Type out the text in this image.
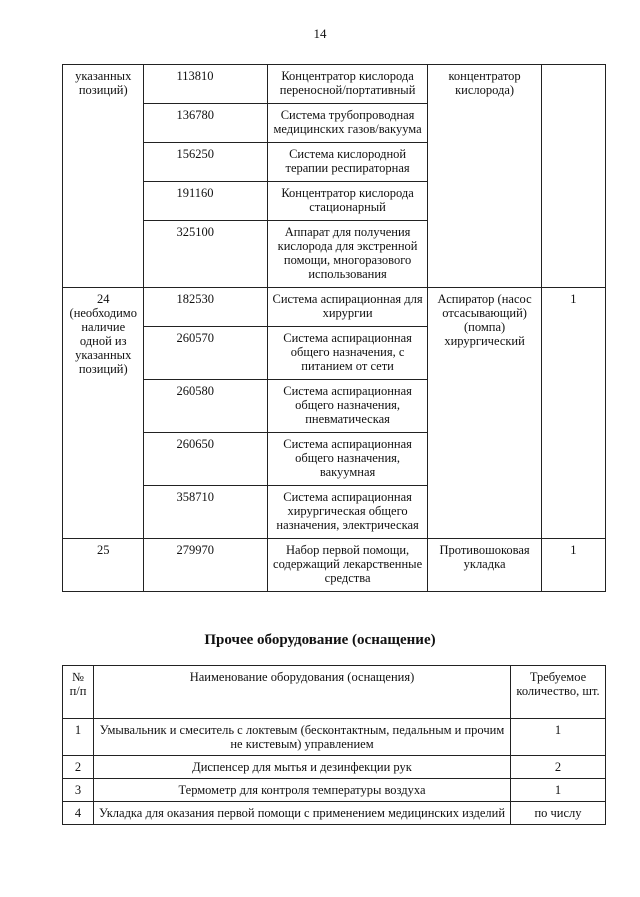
14
указанных позиций)	113810	Концентратор кислорода переносной/портативный	концентратор кислорода)	
	136780	Система трубопроводная медицинских газов/вакуума		
	156250	Система кислородной терапии респираторная		
	191160	Концентратор кислорода стационарный		
	325100	Аппарат для получения кислорода для экстренной помощи, многоразового использования		
24 (необходимо наличие одной из указанных позиций)	182530	Система аспирационная для хирургии	Аспиратор (насос отсасывающий) (помпа) хирургический	1
	260570	Система аспирационная общего назначения, с питанием от сети		
	260580	Система аспирационная общего назначения, пневматическая		
	260650	Система аспирационная общего назначения, вакуумная		
	358710	Система аспирационная хирургическая общего назначения, электрическая		
25	279970	Набор первой помощи, содержащий лекарственные средства	Противошоковая укладка	1
Прочее оборудование (оснащение)
№ п/п	Наименование оборудования (оснащения)	Требуемое количество, шт.
1	Умывальник и смеситель с локтевым (бесконтактным, педальным и прочим не кистевым) управлением	1
2	Диспенсер для мытья и дезинфекции рук	2
3	Термометр для контроля температуры воздуха	1
4	Укладка для оказания первой помощи с применением медицинских изделий	по числу
